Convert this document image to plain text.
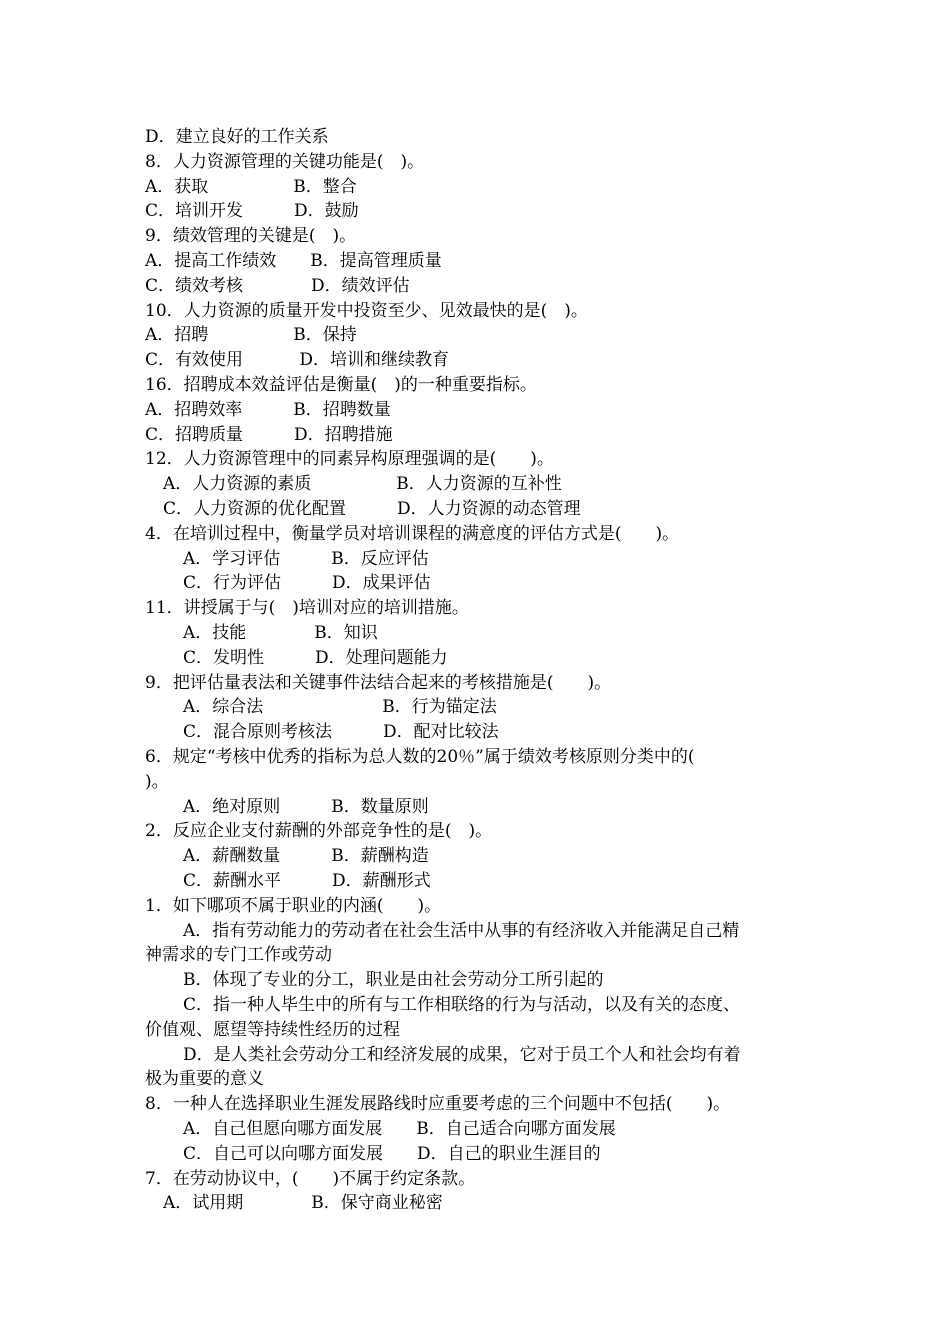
D．建立良好的工作关系
8．人力资源管理的关键功能是(　)。
A．获取　　　　　B．整合
C．培训开发　　　D．鼓励
9．绩效管理的关键是(　)。
A．提高工作绩效　　B．提高管理质量
C．绩效考核　　　　D．绩效评估
10．人力资源的质量开发中投资至少、见效最快的是(　)。
A．招聘　　　　　B．保持
C．有效使用　　　 D．培训和继续教育
16．招聘成本效益评估是衡量(　)的一种重要指标。
A．招聘效率　　　B．招聘数量
C．招聘质量　　　D．招聘措施
12．人力资源管理中的同素异构原理强调的是(　　)。
A．人力资源的素质　　　　　B．人力资源的互补性
C．人力资源的优化配置　　　D．人力资源的动态管理
4．在培训过程中，衡量学员对培训课程的满意度的评估方式是(　　)。
A．学习评估　　　B．反应评估
C．行为评估　　　D．成果评估
11．讲授属于与(　)培训对应的培训措施。
A．技能　　　　B．知识
C．发明性　　　D．处理问题能力
9．把评估量表法和关键事件法结合起来的考核措施是(　　)。
A．综合法　　　　　　　B．行为锚定法
C．混合原则考核法　　　D．配对比较法
6．规定“考核中优秀的指标为总人数的20％”属于绩效考核原则分类中的(
)。
A．绝对原则　　　B．数量原则
2．反应企业支付薪酬的外部竞争性的是(　)。
A．薪酬数量　　　B．薪酬构造
C．薪酬水平　　　D．薪酬形式
1．如下哪项不属于职业的内涵(　　)。
A．指有劳动能力的劳动者在社会生活中从事的有经济收入并能满足自己精
神需求的专门工作或劳动
B．体现了专业的分工，职业是由社会劳动分工所引起的
C．指一种人毕生中的所有与工作相联络的行为与活动，以及有关的态度、
价值观、愿望等持续性经历的过程
D．是人类社会劳动分工和经济发展的成果，它对于员工个人和社会均有着
极为重要的意义
8．一种人在选择职业生涯发展路线时应重要考虑的三个问题中不包括(　　)。
A．自己但愿向哪方面发展　　B．自己适合向哪方面发展
C．自己可以向哪方面发展　　D．自己的职业生涯目的
7．在劳动协议中，(　　)不属于约定条款。
A．试用期　　　　B．保守商业秘密
